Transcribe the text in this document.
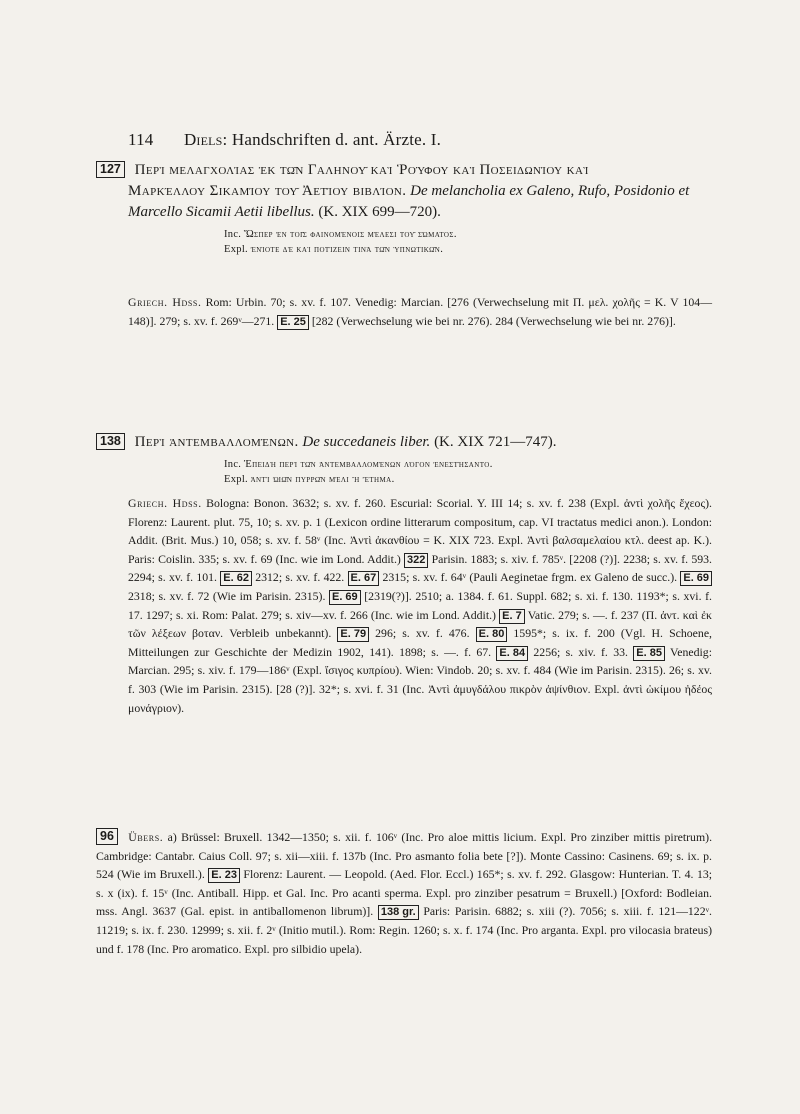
114 Diels: Handschriften d. ant. Ärzte. I.
127 Περὶ μελαγχολίας ἐκ τῶν Γαληνοῦ καὶ Ῥούφου καὶ Ποσειδωνίου καὶ
Μαρκέλλου Σικαμίου τοῦ Ἀετίου βιβλίον. De melancholia ex Galeno, Rufo, Posidonio et Marcello Sicamii Aetii libellus. (K. XIX 699—720).
Inc. Ὥσπερ ἐν τοῖς φαινομένοις μέλεσι τοῦ σώματος.
Expl. ἐνίοτε δὲ καὶ ποτίζειν τινὰ τῶν ὑπνωτικῶν.
Griech. Hdss. Rom: Urbin. 70; s. xv. f. 107. Venedig: Marcian. [276 (Verwechselung mit Π. μελ. χολῆς = K. V 104—148)]. 279; s. xv. f. 269ᵛ—271. E. 25 [282 (Verwechselung wie bei nr. 276). 284 (Verwechselung wie bei nr. 276)].
138 Περὶ ἀντεμβαλλομένων. De succedaneis liber. (K. XIX 721—747).
Inc. Ἐπειδὴ περὶ τῶν ἀντεμβαλλομένων λόγον ἐνεστήσαντο.
Expl. ἀντὶ ᾠῶν πυρρῶν μέλι ἢ ἔτημα.
Griech. Hdss. Bologna: Bonon. 3632; s. xv. f. 260. Escurial: Scorial. Y. III 14; s. xv. f. 238 (Expl. ἀντὶ χολῆς ἔχεος). Florenz: Laurent. plut. 75, 10; s. xv. p. 1 (Lexicon ordine litterarum compositum, cap. VI tractatus medici anon.). London: Addit. (Brit. Mus.) 10, 058; s. xv. f. 58ᵛ (Inc. Ἀντὶ ἀκανθίου = K. XIX 723. Expl. Ἀντὶ βαλσαμελαίου κτλ. deest ap. K.). Paris: Coislin. 335; s. xv. f. 69 (Inc. wie im Lond. Addit.) 322 Parisin. 1883; s. xiv. f. 785ᵛ. [2208 (?)]. 2238; s. xv. f. 593. 2294; s. xv. f. 101. E. 62 2312; s. xv. f. 422. E. 67 2315; s. xv. f. 64ᵛ (Pauli Aeginetae frgm. ex Galeno de succ.). E. 69 2318; s. xv. f. 72 (Wie im Parisin. 2315). E. 69 [2319(?)]. 2510; a. 1384. f. 61. Suppl. 682; s. xi. f. 130. 1193*; s. xvi. f. 17. 1297; s. xi. Rom: Palat. 279; s. xiv—xv. f. 266 (Inc. wie im Lond. Addit.) E. 7 Vatic. 279; s. —. f. 237 (Π. ἀντ. καὶ ἐκ τῶν λέξεων βοταν. Verbleib unbekannt). E. 79 296; s. xv. f. 476. E. 80 1595*; s. ix. f. 200 (Vgl. H. Schoene, Mitteilungen zur Geschichte der Medizin 1902, 141). 1898; s. —. f. 67. E. 84 2256; s. xiv. f. 33. E. 85 Venedig: Marcian. 295; s. xiv. f. 179—186ᵛ (Expl. ἴσιγος κυπρίου). Wien: Vindob. 20; s. xv. f. 484 (Wie im Parisin. 2315). 26; s. xv. f. 303 (Wie im Parisin. 2315). [28 (?)]. 32*; s. xvi. f. 31 (Inc. Ἀντὶ ἀμυγδάλου πικρὸν ἀψίνθιον. Expl. ἀντὶ ὠκίμου ἡδέος μονάγριον).
96 Übers. a) Brüssel: Bruxell. 1342—1350; s. xii. f. 106ᵛ (Inc. Pro aloe mittis licium. Expl. Pro zinziber mittis piretrum). Cambridge: Cantabr. Caius Coll. 97; s. xii—xiii. f. 137b (Inc. Pro asmanto folia bete [?]). Monte Cassino: Casinens. 69; s. ix. p. 524 (Wie im Bruxell.). E. 23 Florenz: Laurent. — Leopold. (Aed. Flor. Eccl.) 165*; s. xv. f. 292. Glasgow: Hunterian. T. 4. 13; s. x (ix). f. 15ᵛ (Inc. Antiball. Hipp. et Gal. Inc. Pro acanti sperma. Expl. pro zinziber pesatrum = Bruxell.) [Oxford: Bodleian. mss. Angl. 3637 (Gal. epist. in antiballomenon librum)]. 138 gr. Paris: Parisin. 6882; s. xiii (?). 7056; s. xiii. f. 121—122ᵛ. 11219; s. ix. f. 230. 12999; s. xii. f. 2ᵛ (Initio mutil.). Rom: Regin. 1260; s. x. f. 174 (Inc. Pro arganta. Expl. pro vilocasia brateus) und f. 178 (Inc. Pro aromatico. Expl. pro silbidio upela).
